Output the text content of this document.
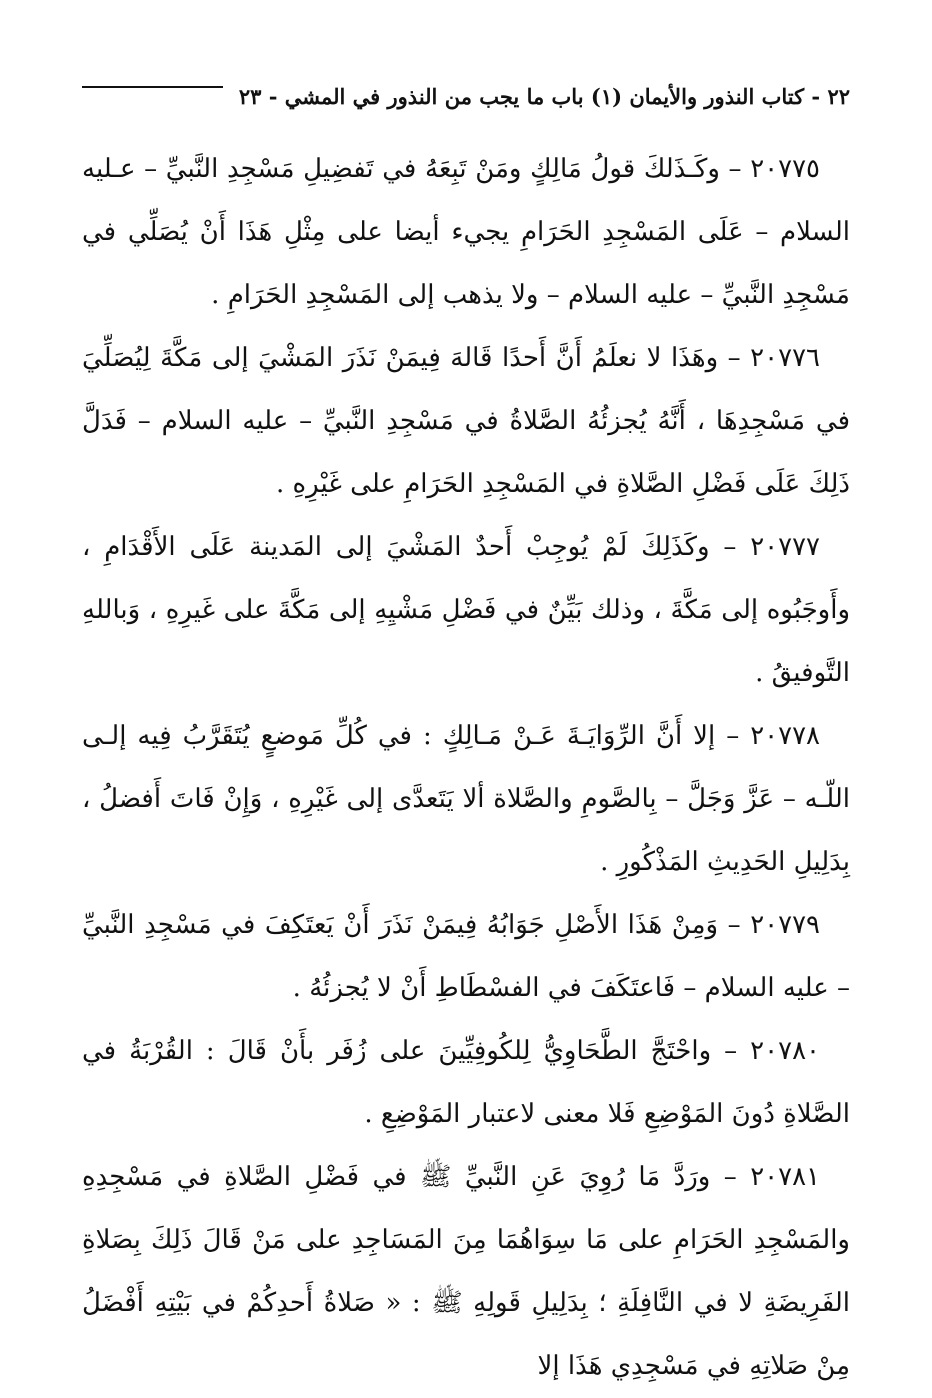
٢٢ - كتاب النذور والأيمان (١) باب ما يجب من النذور في المشي - ٢٣

٢٠٧٧٥ – وكَـذَلكَ قولُ مَالِكٍ ومَنْ تَبِعَهُ في تَفضِيلِ مَسْجِدِ النَّبيِّ – عـليه السلام – عَلَى المَسْجِدِ الحَرَامِ يجيء أيضا على مِثْلِ هَذَا أَنْ يُصَلِّي في مَسْجِدِ النَّبيِّ – عليه السلام – ولا يذهب إلى المَسْجِدِ الحَرَامِ .

٢٠٧٧٦ – وهَذَا لا نعلَمُ أَنَّ أَحدًا قَالهَ فِيمَنْ نَذَرَ المَشْيَ إلى مَكَّةَ لِيُصَلِّيَ في مَسْجِدِهَا ، أَنَّهُ يُجزئُهُ الصَّلاةُ في مَسْجِدِ النَّبيِّ – عليه السلام – فَدَلَّ ذَلِكَ عَلَى فَضْلِ الصَّلاةِ في المَسْجِدِ الحَرَامِ على غَيْرِهِ .

٢٠٧٧٧ – وكَذَلِكَ لَمْ يُوجِبْ أَحدٌ المَشْيَ إلى المَدينة عَلَى الأَقْدَامِ ، وأَوجَبُوه إلى مَكَّةَ ، وذلك بَيِّنٌ في فَضْلِ مَشْيِهِ إلى مَكَّةَ على غَيرِهِ ، وَباللهِ التَّوفيقُ .

٢٠٧٧٨ – إلا أَنَّ الرِّوَايَـةَ عَـنْ مَـالِكٍ : في كُلِّ مَوضعٍ يُتَقَرَّبُ فِيه إلـى اللّـه – عَزَّ وَجَلَّ – بِالصَّومِ والصَّلاة ألا يَتَعدَّى إلى غَيْرِهِ ، وَإِنْ فَاتَ أَفضلُ ، بِدَلِيلِ الحَدِيثِ المَذْكُورِ .

٢٠٧٧٩ – وَمِنْ هَذَا الأَصْلِ جَوَابُهُ فِيمَنْ نَذَرَ أَنْ يَعتَكِفَ في مَسْجِدِ النَّبيِّ – عليه السلام – فَاعتَكَفَ في الفسْطَاطِ أَنْ لا يُجزئُهُ .

٢٠٧٨٠ – واحْتَجَّ الطَّحَاوِيُّ لِلكُوفِيِّينَ على زُفَر بأَنْ قَالَ : القُرْبَةُ في الصَّلاةِ دُونَ المَوْضِعِ فَلا معنى لاعتبار المَوْضِعِ .

٢٠٧٨١ – ورَدَّ مَا رُوِيَ عَنِ النَّبيِّ ﷺ في فَضْلِ الصَّلاةِ في مَسْجِدِهِ والمَسْجِدِ الحَرَامِ على مَا سِوَاهُمَا مِنَ المَسَاجِدِ على مَنْ قَالَ ذَلِكَ بِصَلاةِ الفَرِيضَةِ لا في النَّافِلَةِ ؛ بِدَلِيلِ قَولِهِ ﷺ : « صَلاةُ أَحدِكُمْ في بَيْتِهِ أَفْضَلُ مِنْ صَلاتِهِ في مَسْجِدِي هَذَا إلا
